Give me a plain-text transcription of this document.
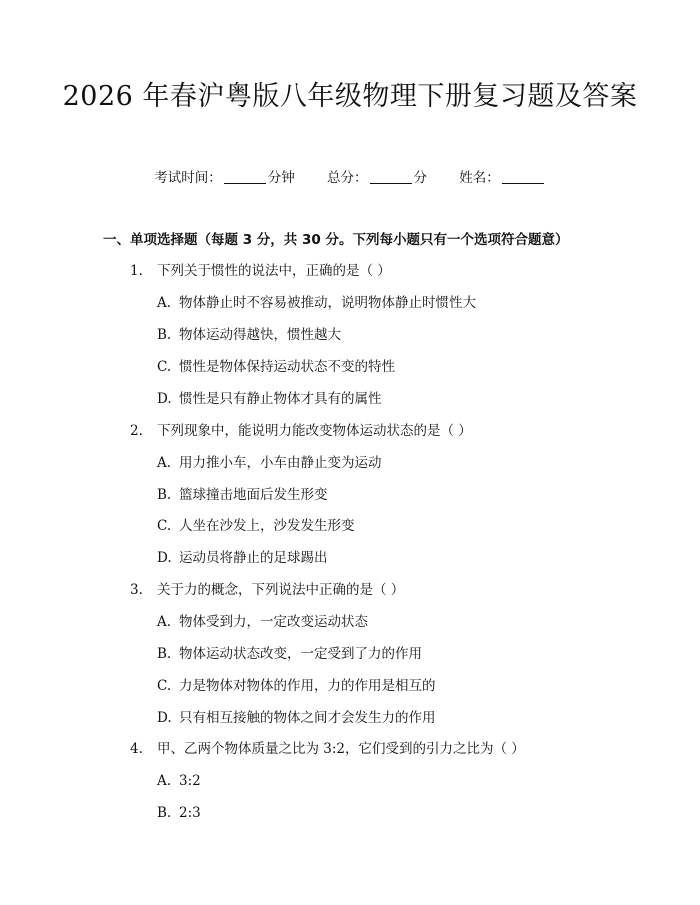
2026 年春沪粤版八年级物理下册复习题及答案
考试时间：	分钟 总分：	分 姓名：
一、单项选择题（每题 3 分，共 30 分。下列每小题只有一个选项符合题意）
1. 下列关于惯性的说法中，正确的是（ ）
A. 物体静止时不容易被推动，说明物体静止时惯性大
B. 物体运动得越快，惯性越大
C. 惯性是物体保持运动状态不变的特性
D. 惯性是只有静止物体才具有的属性
2. 下列现象中，能说明力能改变物体运动状态的是（ ）
A. 用力推小车，小车由静止变为运动
B. 篮球撞击地面后发生形变
C. 人坐在沙发上，沙发发生形变
D. 运动员将静止的足球踢出
3. 关于力的概念，下列说法中正确的是（ ）
A. 物体受到力，一定改变运动状态
B. 物体运动状态改变，一定受到了力的作用
C. 力是物体对物体的作用，力的作用是相互的
D. 只有相互接触的物体之间才会发生力的作用
4. 甲、乙两个物体质量之比为 3:2，它们受到的引力之比为（ ）
A. 3:2
B. 2:3
